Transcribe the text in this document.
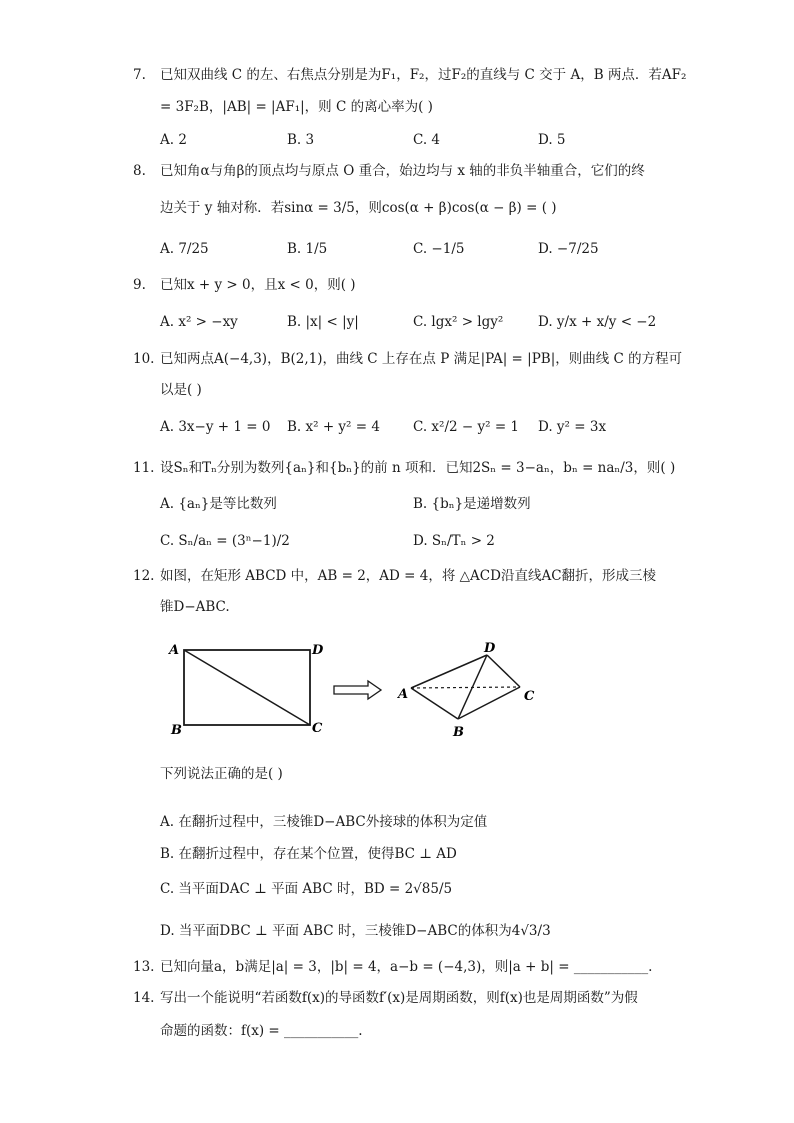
7. 已知双曲线 C 的左、右焦点分别是为F₁，F₂，过F₂的直线与 C 交于 A，B 两点．若AF₂
= 3F₂B，|AB| = |AF₁|，则 C 的离心率为( )
A. 2	B. 3	C. 4	D. 5
8. 已知角α与角β的顶点均与原点 O 重合，始边均与 x 轴的非负半轴重合，它们的终
边关于 y 轴对称．若sinα = 3/5，则cos(α + β)cos(α − β) = ( )
A. 7/25	B. 1/5	C. −1/5	D. −7/25
9. 已知x + y > 0，且x < 0，则( )
A. x² > −xy	B. |x| < |y|	C. lgx² > lgy²	D. y/x + x/y < −2
10. 已知两点A(−4,3)，B(2,1)，曲线 C 上存在点 P 满足|PA| = |PB|，则曲线 C 的方程可
以是( )
A. 3x−y + 1 = 0 B. x² + y² = 4 C. x²/2 − y² = 1 D. y² = 3x
11. 设Sₙ和Tₙ分别为数列{aₙ}和{bₙ}的前 n 项和．已知2Sₙ = 3−aₙ，bₙ = naₙ/3，则( )
A. {aₙ}是等比数列	B. {bₙ}是递增数列
C. Sₙ/aₙ = (3ⁿ−1)/2	D. Sₙ/Tₙ > 2
12. 如图，在矩形 ABCD 中，AB = 2，AD = 4，将 △ACD沿直线AC翻折，形成三棱
锥D−ABC.
A	D
B	C
D
A	C
B
下列说法正确的是( )
A. 在翻折过程中，三棱锥D−ABC外接球的体积为定值
B. 在翻折过程中，存在某个位置，使得BC ⊥ AD
C. 当平面DAC ⊥ 平面 ABC 时，BD = 2√85/5
D. 当平面DBC ⊥ 平面 ABC 时，三棱锥D−ABC的体积为4√3/3
13. 已知向量a，b满足|a| = 3，|b| = 4，a−b = (−4,3)，则|a + b| = ___________.
14. 写出一个能说明“若函数f(x)的导函数f′(x)是周期函数，则f(x)也是周期函数”为假
命题的函数：f(x) = ___________.
